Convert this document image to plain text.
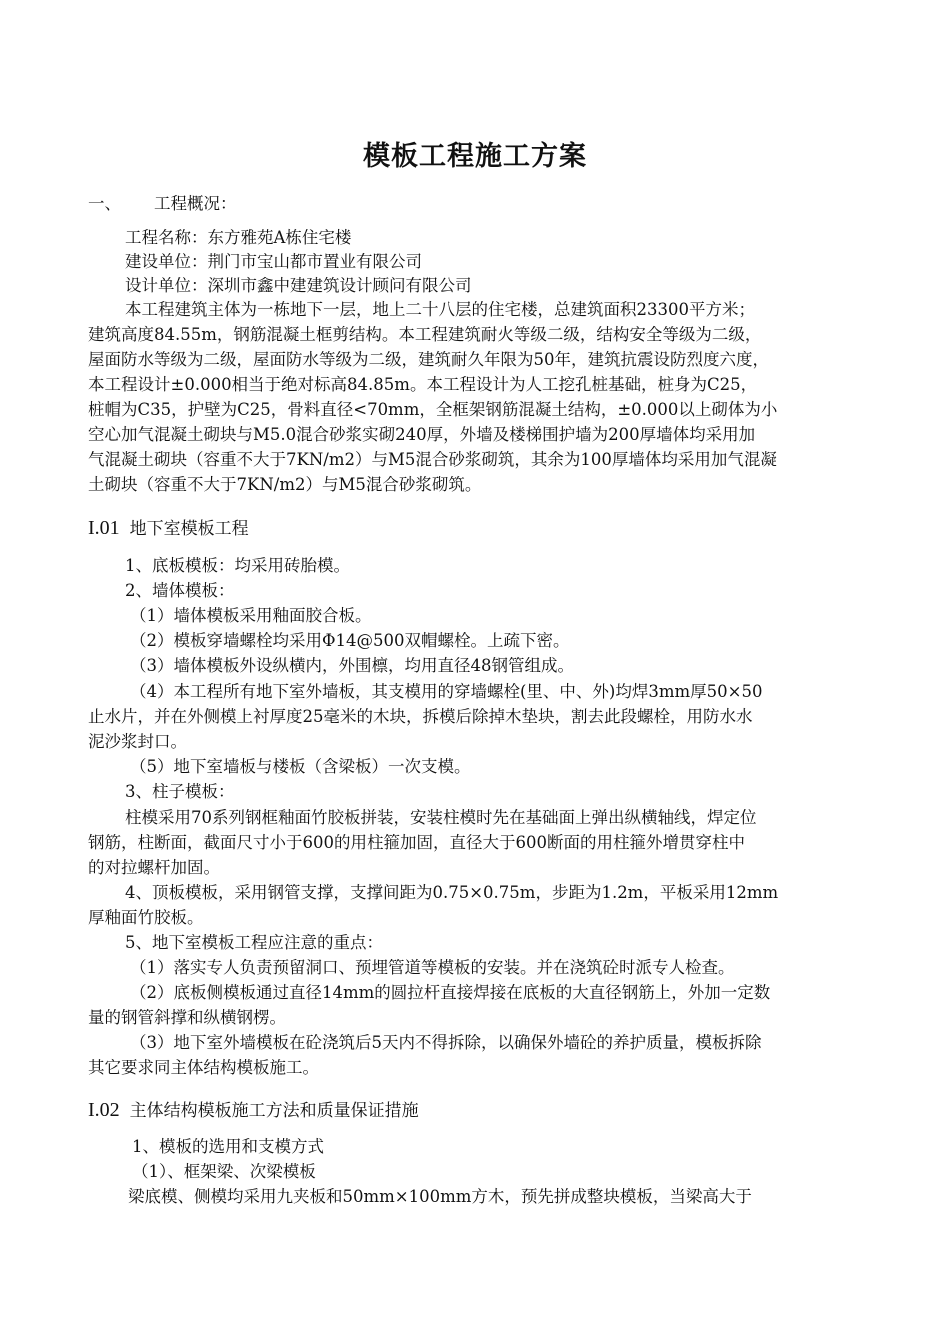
模板工程施工方案
一、 工程概况：
工程名称：东方雅苑A栋住宅楼
建设单位：荆门市宝山都市置业有限公司
设计单位：深圳市鑫中建建筑设计顾问有限公司
本工程建筑主体为一栋地下一层，地上二十八层的住宅楼，总建筑面积23300平方米；
建筑高度84.55m，钢筋混凝土框剪结构。本工程建筑耐火等级二级，结构安全等级为二级，
屋面防水等级为二级，屋面防水等级为二级，建筑耐久年限为50年，建筑抗震设防烈度六度，
本工程设计±0.000相当于绝对标高84.85m。本工程设计为人工挖孔桩基础，桩身为C25，
桩帽为C35，护壁为C25，骨料直径<70mm，全框架钢筋混凝土结构，±0.000以上砌体为小
空心加气混凝土砌块与M5.0混合砂浆实砌240厚，外墙及楼梯围护墙为200厚墙体均采用加
气混凝土砌块（容重不大于7KN/m2）与M5混合砂浆砌筑，其余为100厚墙体均采用加气混凝
土砌块（容重不大于7KN/m2）与M5混合砂浆砌筑。
I.01 地下室模板工程
1、底板模板：均采用砖胎模。
2、墙体模板：
（1）墙体模板采用釉面胶合板。
（2）模板穿墙螺栓均采用Φ14@500双帽螺栓。上疏下密。
（3）墙体模板外设纵横内，外围檩，均用直径48钢管组成。
（4）本工程所有地下室外墙板，其支模用的穿墙螺栓(里、中、外)均焊3mm厚50×50
止水片，并在外侧模上衬厚度25毫米的木块，拆模后除掉木垫块，割去此段螺栓，用防水水
泥沙浆封口。
（5）地下室墙板与楼板（含梁板）一次支模。
3、柱子模板：
柱模采用70系列钢框釉面竹胶板拼装，安装柱模时先在基础面上弹出纵横轴线，焊定位
钢筋，柱断面，截面尺寸小于600的用柱箍加固，直径大于600断面的用柱箍外增贯穿柱中
的对拉螺杆加固。
4、顶板模板，采用钢管支撑，支撑间距为0.75×0.75m，步距为1.2m，平板采用12mm
厚釉面竹胶板。
5、地下室模板工程应注意的重点：
（1）落实专人负责预留洞口、预埋管道等模板的安装。并在浇筑砼时派专人检查。
（2）底板侧模板通过直径14mm的圆拉杆直接焊接在底板的大直径钢筋上，外加一定数
量的钢管斜撑和纵横钢楞。
（3）地下室外墙模板在砼浇筑后5天内不得拆除，以确保外墙砼的养护质量，模板拆除
其它要求同主体结构模板施工。
I.02 主体结构模板施工方法和质量保证措施
1、模板的选用和支模方式
（1）、框架梁、次梁模板
梁底模、侧模均采用九夹板和50mm×100mm方木，预先拼成整块模板，当梁高大于
